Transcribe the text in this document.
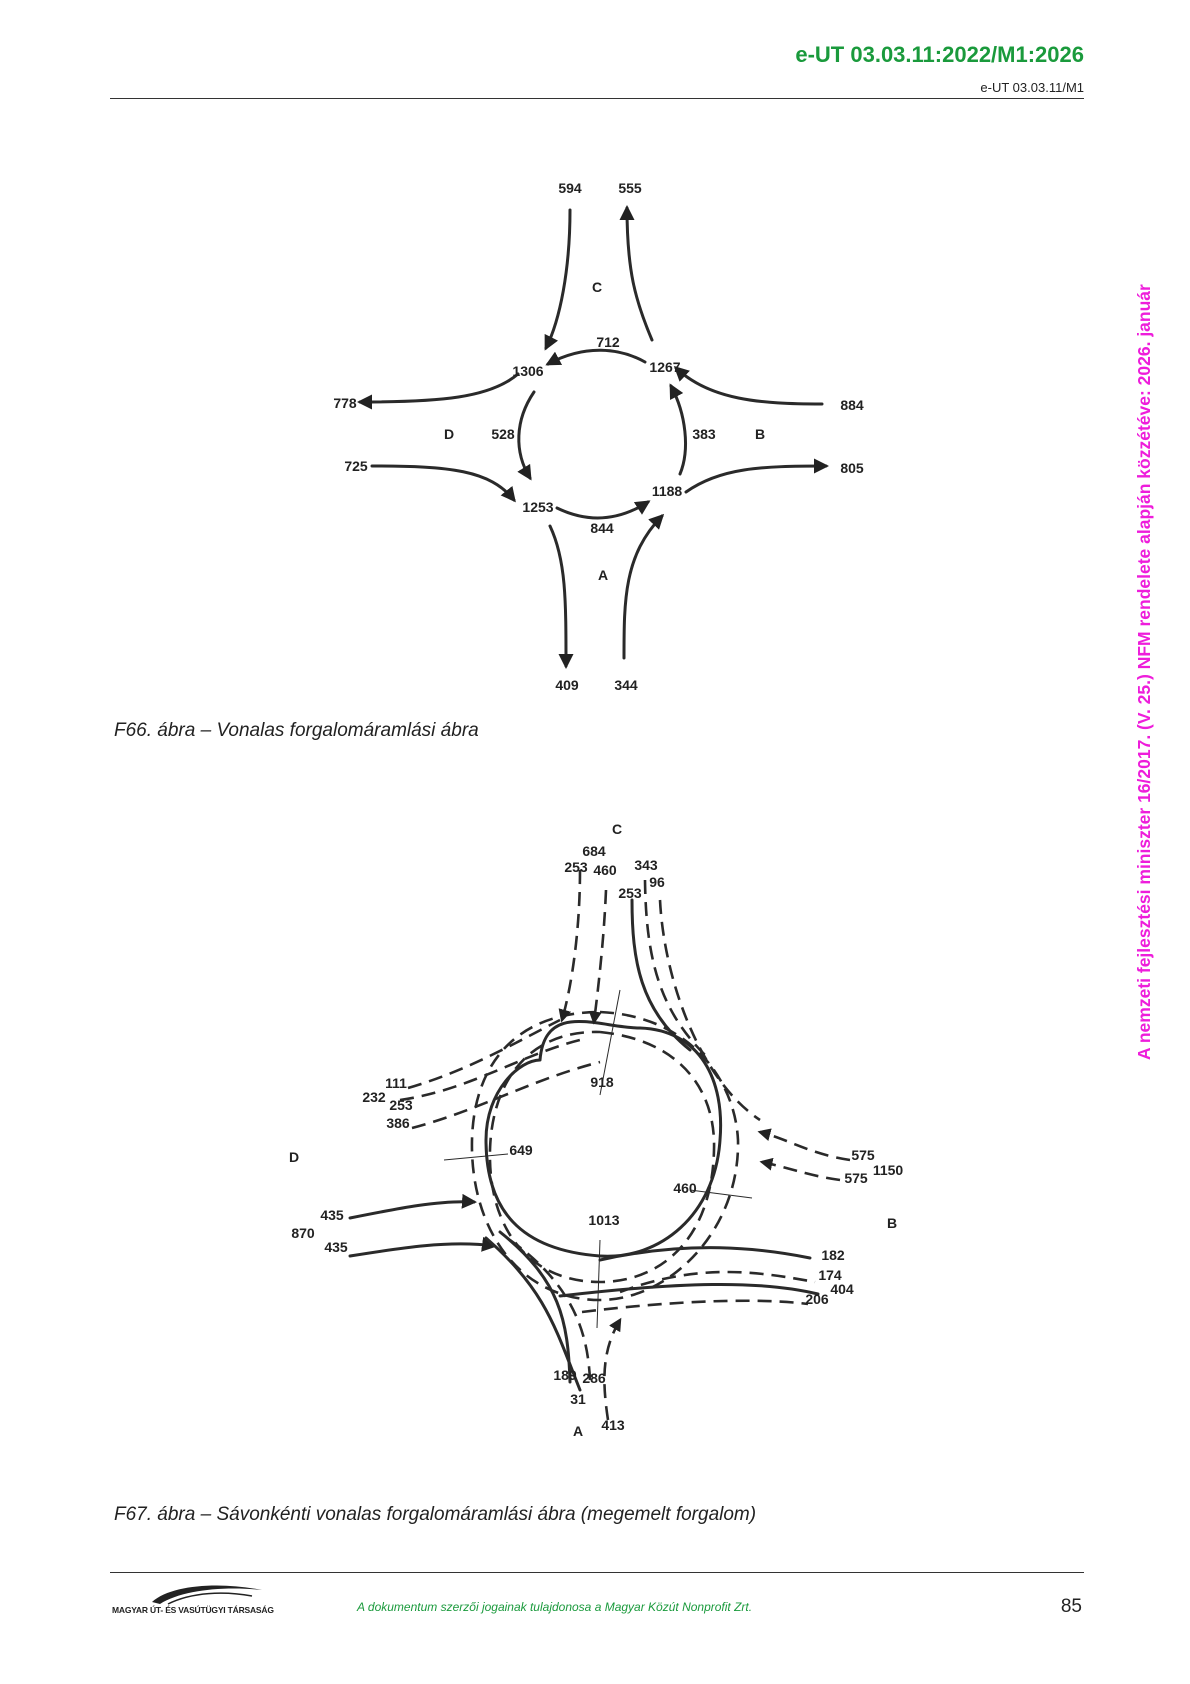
e-UT 03.03.11:2022/M1:2026
e-UT 03.03.11/M1
A nemzeti fejlesztési miniszter 16/2017. (V. 25.) NFM rendelete alapján közzétéve: 2026. január
C
B
D
A
594	555
884
805
778
725
409	344
712
528	383
844
1306	1267
1253
1188
F66. ábra – Vonalas forgalomáramlási ábra
C
D
B
A
684
253 460 343
96
253
111
232 253
386
435
870
435
575
575 1150
182
174
404
206
189 286
31
413
918
649
460
1013
F67. ábra – Sávonkénti vonalas forgalomáramlási ábra (megemelt forgalom)
MAGYAR ÚT- ÉS VASÚTÜGYI TÁRSASÁG	A dokumentum szerzői jogainak tulajdonosa a Magyar Közút Nonprofit Zrt.	85
